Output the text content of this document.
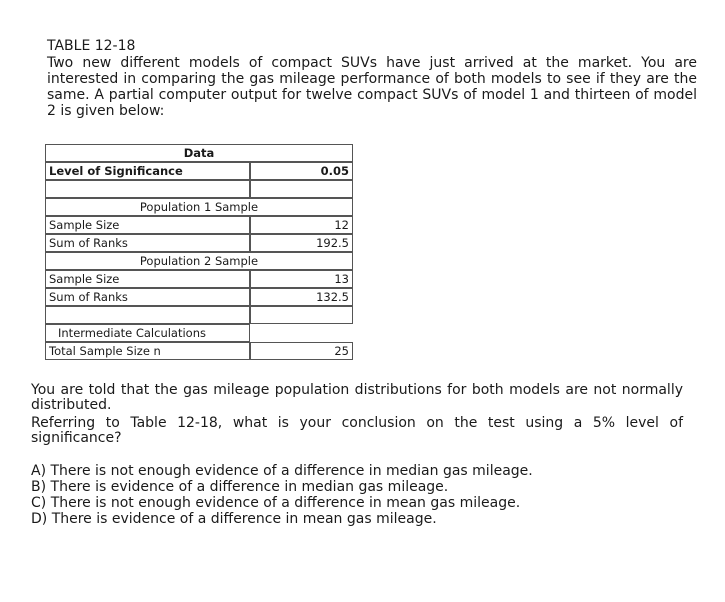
TABLE 12-18
Two new different models of compact SUVs have just arrived at the market. You are interested in comparing the gas mileage performance of both models to see if they are the same. A partial computer output for twelve compact SUVs of model 1 and thirteen of model 2 is given below:
Data
Level of Significance	0.05
Population 1 Sample
Sample Size	12
Sum of Ranks	192.5
Population 2 Sample
Sample Size	13
Sum of Ranks	132.5
Intermediate Calculations
Total Sample Size n	25

You are told that the gas mileage population distributions for both models are not normally distributed.

Referring to Table 12-18, what is your conclusion on the test using a 5% level of significance?

A) There is not enough evidence of a difference in median gas mileage.
B) There is evidence of a difference in median gas mileage.
C) There is not enough evidence of a difference in mean gas mileage.
D) There is evidence of a difference in mean gas mileage.
